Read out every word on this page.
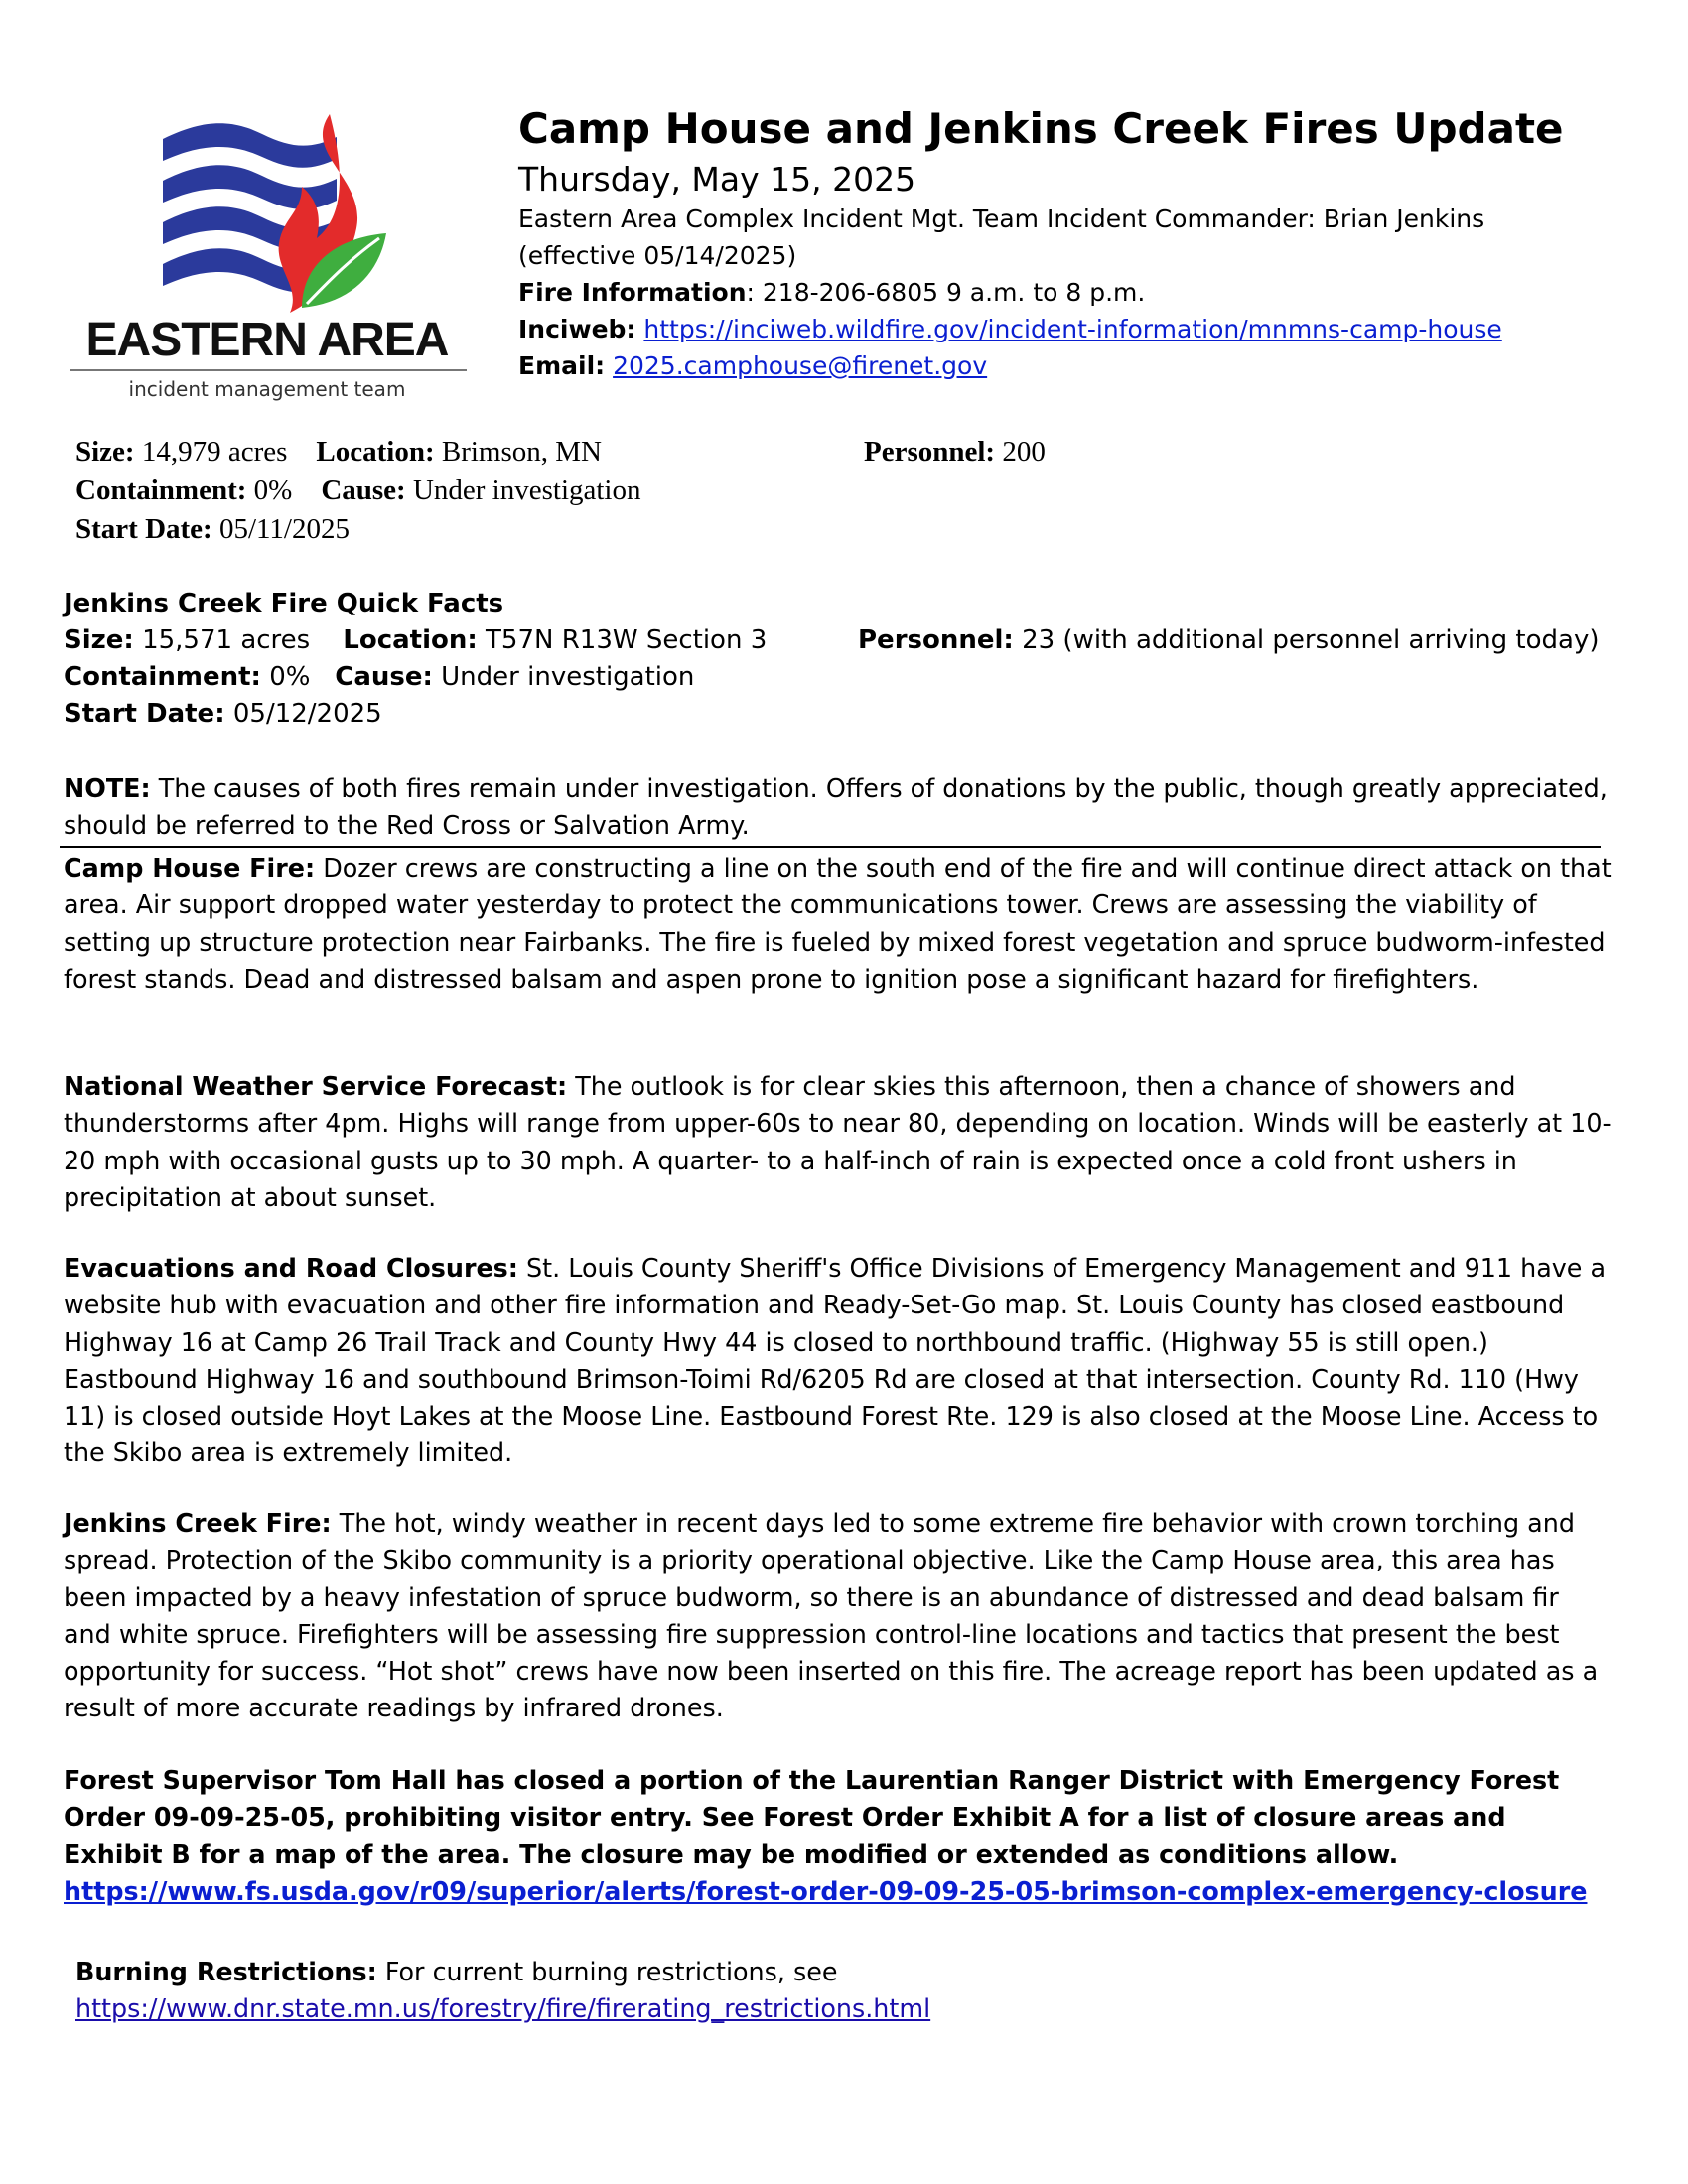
EASTERN AREA
incident management team
Camp House and Jenkins Creek Fires Update

Thursday, May 15, 2025

Eastern Area Complex Incident Mgt. Team Incident Commander: Brian Jenkins

(effective 05/14/2025)

Fire Information: 218-206-6805 9 a.m. to 8 p.m.

Inciweb: https://inciweb.wildfire.gov/incident-information/mnmns-camp-house

Email: 2025.camphouse@firenet.gov

Size: 14,979 acres Location: Brimson, MN
Containment: 0% Cause: Under investigation
Start Date: 05/11/2025
Personnel: 200
Jenkins Creek Fire Quick Facts
Size: 15,571 acres Location: T57N R13W Section 3
Containment: 0% Cause: Under investigation
Start Date: 05/12/2025
Personnel: 23 (with additional personnel arriving today)

NOTE: The causes of both fires remain under investigation. Offers of donations by the public, though greatly appreciated, should be referred to the Red Cross or Salvation Army.

Camp House Fire: Dozer crews are constructing a line on the south end of the fire and will continue direct attack on that area. Air support dropped water yesterday to protect the communications tower. Crews are assessing the viability of setting up structure protection near Fairbanks. The fire is fueled by mixed forest vegetation and spruce budworm-infested forest stands. Dead and distressed balsam and aspen prone to ignition pose a significant hazard for firefighters.

National Weather Service Forecast: The outlook is for clear skies this afternoon, then a chance of showers and thunderstorms after 4pm. Highs will range from upper-60s to near 80, depending on location. Winds will be easterly at 10-20 mph with occasional gusts up to 30 mph. A quarter- to a half-inch of rain is expected once a cold front ushers in precipitation at about sunset.

Evacuations and Road Closures: St. Louis County Sheriff's Office Divisions of Emergency Management and 911 have a website hub with evacuation and other fire information and Ready-Set-Go map. St. Louis County has closed eastbound Highway 16 at Camp 26 Trail Track and County Hwy 44 is closed to northbound traffic. (Highway 55 is still open.) Eastbound Highway 16 and southbound Brimson-Toimi Rd/6205 Rd are closed at that intersection. County Rd. 110 (Hwy 11) is closed outside Hoyt Lakes at the Moose Line. Eastbound Forest Rte. 129 is also closed at the Moose Line. Access to the Skibo area is extremely limited.

Jenkins Creek Fire: The hot, windy weather in recent days led to some extreme fire behavior with crown torching and spread. Protection of the Skibo community is a priority operational objective. Like the Camp House area, this area has been impacted by a heavy infestation of spruce budworm, so there is an abundance of distressed and dead balsam fir and white spruce. Firefighters will be assessing fire suppression control-line locations and tactics that present the best opportunity for success. “Hot shot” crews have now been inserted on this fire. The acreage report has been updated as a result of more accurate readings by infrared drones.

Forest Supervisor Tom Hall has closed a portion of the Laurentian Ranger District with Emergency Forest Order 09-09-25-05, prohibiting visitor entry. See Forest Order Exhibit A for a list of closure areas and Exhibit B for a map of the area. The closure may be modified or extended as conditions allow.
https://www.fs.usda.gov/r09/superior/alerts/forest-order-09-09-25-05-brimson-complex-emergency-closure

Burning Restrictions: For current burning restrictions, see
https://www.dnr.state.mn.us/forestry/fire/firerating_restrictions.html
